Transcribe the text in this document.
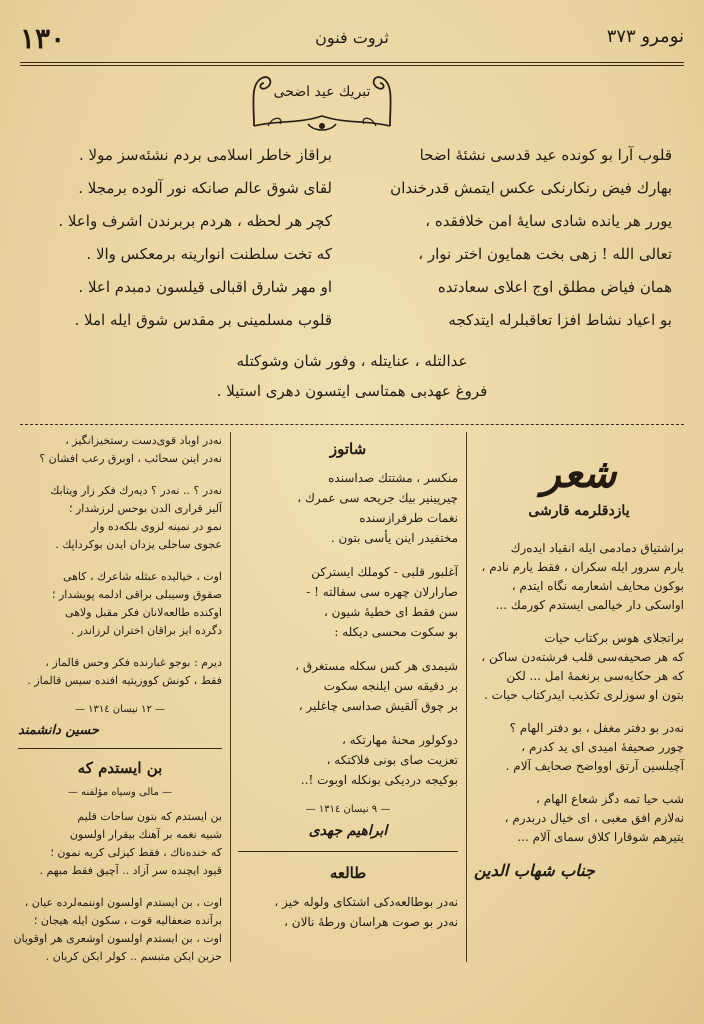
١٣٠	ثروت فنون	نومرو ٣٧٣
تبريك عيد اضحى
قلوب آرا بو كونده عيد قدسى نشئهٔ اضحا
براقاز خاطر اسلامى بردم نشئه‌سز مولا .
بهارك فيض رنكارنكى عكس ايتمش قدرخندان
لقاى شوق عالم صانكه نور آلوده برمجلا .
يورر هر يانده شادى سايهٔ امن خلافقده ،
كچر هر لحظه ، هردم بربرندن اشرف واعلا .
تعالى الله ! زهى بخت همايون اختر نوار ،
كه تخت سلطنت انوارينه برمعكس والا .
همان فياض مطلق اوج اعلاى سعادتده
او مهر شارق اقبالى قيلسون دمبدم اعلا .
بو اعياد نشاط افزا تعاقبلرله ايتدكجه
قلوب مسلمينى بر مقدس شوق ايله املا .
عدالتله ، عنايتله ، وفور شان وشوكتله
فروغ عهدبى همتاسى ايتسون دهرى استيلا .
شعر
يازدقلرمه قارشى

براشتياق دمادمى ايله انقياد ايده‌رك

يارم سرور ايله سكران ، فقط يارم نادم ،

بوكون محايف اشعارمه نگاه ايتدم ،

اواسكى دار خيالمى ايستدم كورمك ...

براتجلاى هوس بركتاب حيات

كه هر صحيفه‌سى قلب فرشته‌دن ساكن ،

كه هر حكايه‌سى برنغمهٔ امل ... لكن

بتون او سوزلرى تكذيب ايدركتاب حيات .

نه‌در بو دفتر مغفل ، بو دفتر الهام ؟

چورر صحيفهٔ اميدى اى يد كدرم ،

آچيلسين آرتق اوواضح صحايف آلام .

شب حيا تمه دگز شعاع الهام ،

نه‌لازم افق مغبى ، اى خيال دربدرم ،

يتيرهم شوقارا كلاق سماى آلام ...

جناب شهاب الدين

شاتوز

منكسر ، مشتتك صداسنده

چيرپينير بيك جريحه‌ سى عمرك ،

نغمات طرفرازسنده

مختفيدر اينن يأسى بتون .

آغلبور قلبى - كوملك ايستركن

صارارلان چهره‌ سى سفالته ! -

سن فقط اى خطيهٔ شيون ،

بو سكوت محسى ديكله :

شيمدى هر كس سكله مستغرق ،

بر دقيقه سن ايلنجه سكوت

بر چوق آلقيش صداسى چاغلير ،

دوكولور محنهٔ مهارتكه ،

تعزيت صاى بونى فلاكتكه ،

بوكيجه درديكى بونكله اوبوت !..

— ٩ نيسان ١٣١٤ —

ابراهيم جهدى

طالعه

نه‌در بوطالعه‌دكى اشتكاى ولوله خيز ،

نه‌در بو صوت هراسان ورطهٔ نالان ،

نه‌در اوباد قوى‌دست رستخيزانگيز ،

نه‌در اينن سحائب ، اوبرق رعب افشان ؟

نه‌در ؟ .. نه‌در ؟ ديه‌رك فكر زار ويتابك

آليز قرارى الدن بوحس لرزشدار ؛

نمو در نمينه لزوى بلكه‌ده وار

عجوى ساحلى يزدان ايدن بوكرداپك .

اوت ، خياليده عبثله شاعرك ، كاهى

صقوق وسيبلى براقى ادلمه پويشدار ؛

اوكنده طالعه‌لانان فكر مقبل ولاهى

دگرده ايز براقان اختران لرزاندر .

ديرم : بوجو غبارنده فكر وحس قالماز ،

فقط ، كونش كووزيتيه افنده سيس قالماز .

— ١٢ نيسان ١٣١٤ —

حسين دانشمند

بن ايستدم كه
— مالى وسياه مؤلفنه —

بن ايستدم كه بتون ساحات قليم

شبيه نغمه بر آهنك بيقرار اولسون

كه خنده‌ناك ، فقط كيزلى كريه نمون ؛

قيود ايچنده سر آزاد .. آچيق فقط مبهم .

اوت ، بن ايستدم اولسون اوننمه‌لرده عيان ،

برآنده ضعفاليه قوت ، سكون ايله هيجان ؛

اوت ، بن ايستدم اولسون اوشعرى هر اوقويان

حزين ايكن متبسم .. كولر ايكن كريان .
